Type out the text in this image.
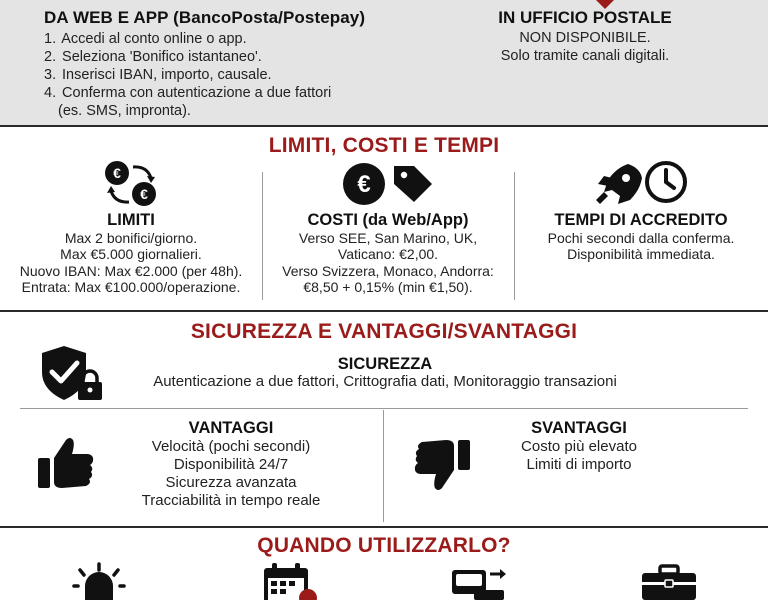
DA WEB E APP (BancoPosta/Postepay)
1. Accedi al conto online o app.
2. Seleziona 'Bonifico istantaneo'.
3. Inserisci IBAN, importo, causale.
4. Conferma con autenticazione a due fattori
(es. SMS, impronta).
IN UFFICIO POSTALE
NON DISPONIBILE.
Solo tramite canali digitali.
LIMITI, COSTI E TEMPI
€
€	€
LIMITI
Max 2 bonifici/giorno.
Max €5.000 giornalieri.
Nuovo IBAN: Max €2.000 (per 48h).
Entrata: Max €100.000/operazione.
COSTI (da Web/App)
Verso SEE, San Marino, UK,
Vaticano: €2,00.
Verso Svizzera, Monaco, Andorra:
€8,50 + 0,15% (min €1,50).
TEMPI DI ACCREDITO
Pochi secondi dalla conferma.
Disponibilità immediata.
SICUREZZA E VANTAGGI/SVANTAGGI
SICUREZZA
Autenticazione a due fattori, Crittografia dati, Monitoraggio transazioni
VANTAGGI
Velocità (pochi secondi)
Disponibilità 24/7
Sicurezza avanzata
Tracciabilità in tempo reale
SVANTAGGI
Costo più elevato
Limiti di importo
QUANDO UTILIZZARLO?
